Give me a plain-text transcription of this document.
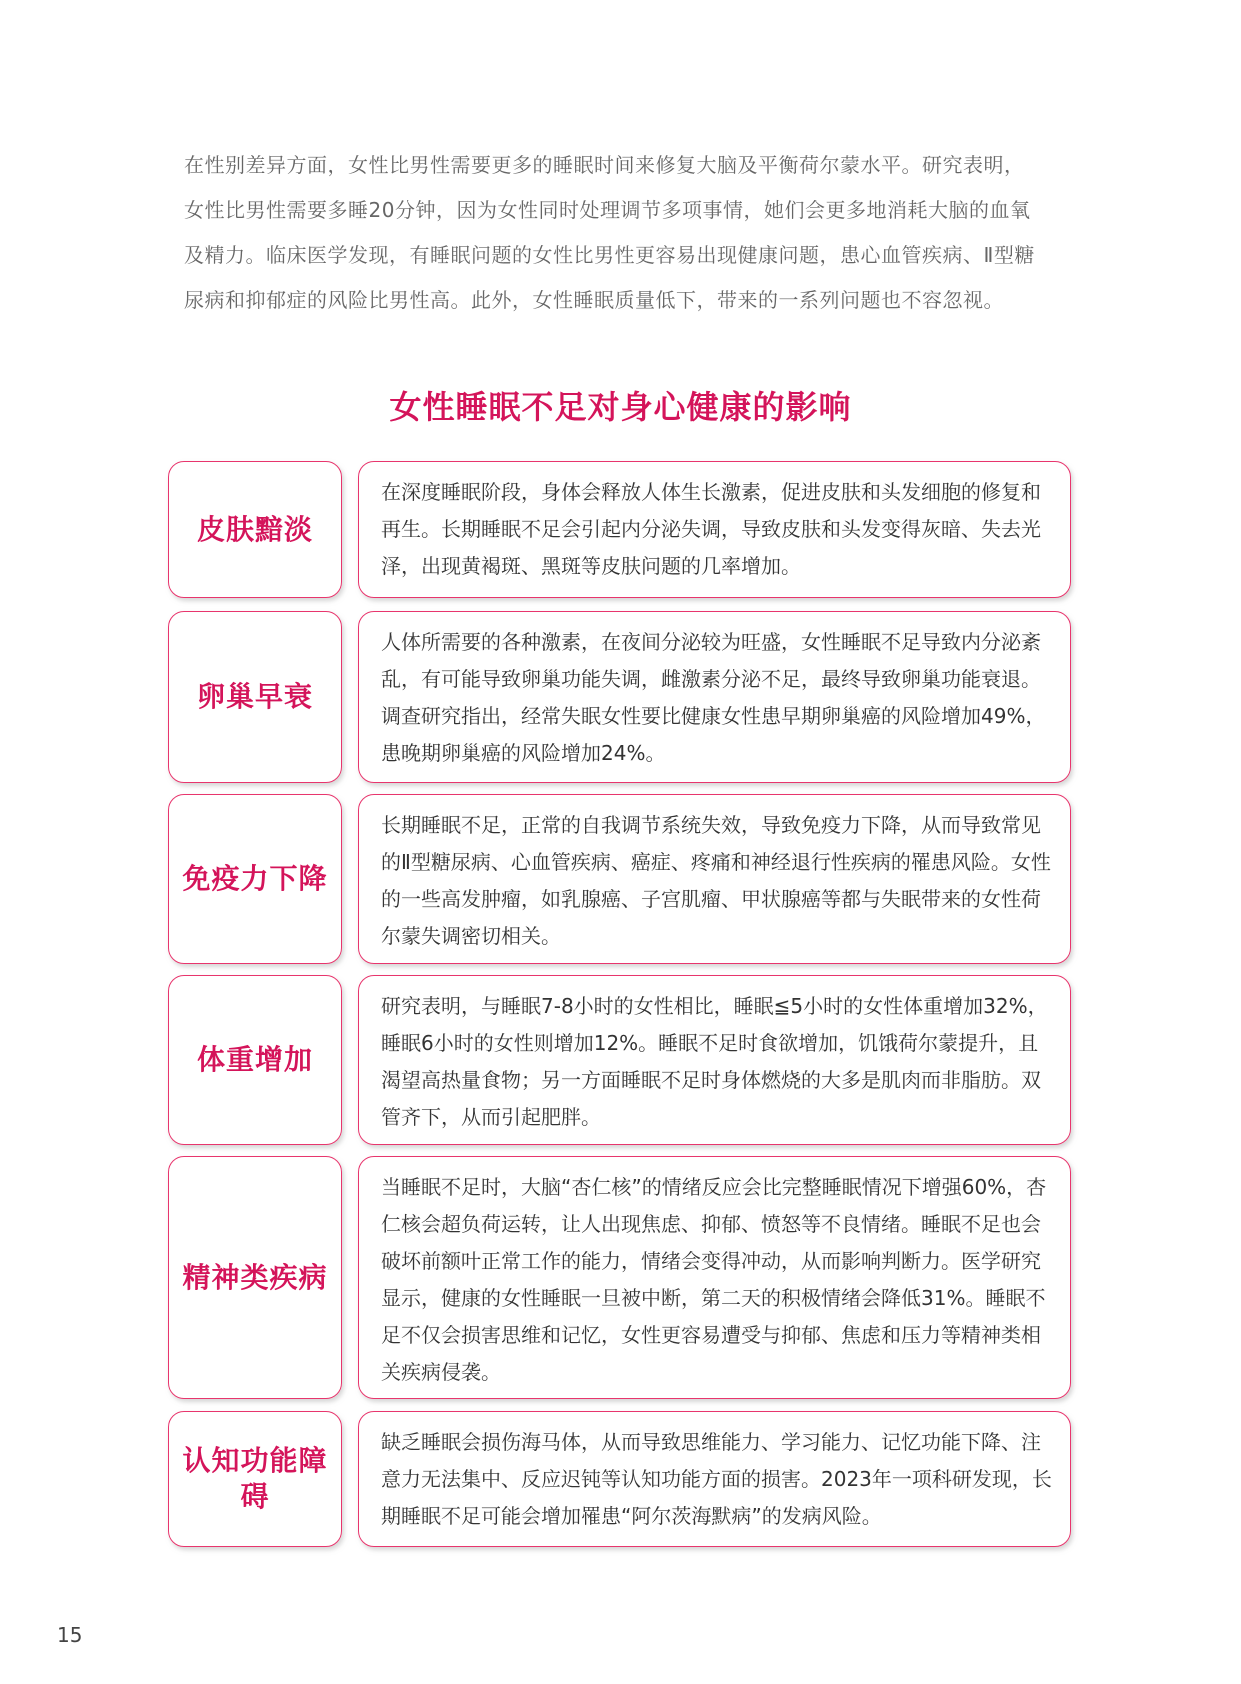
在性别差异方面，女性比男性需要更多的睡眠时间来修复大脑及平衡荷尔蒙水平。研究表明，女性比男性需要多睡20分钟，因为女性同时处理调节多项事情，她们会更多地消耗大脑的血氧及精力。临床医学发现，有睡眠问题的女性比男性更容易出现健康问题，患心血管疾病、Ⅱ型糖尿病和抑郁症的风险比男性高。此外，女性睡眠质量低下，带来的一系列问题也不容忽视。

女性睡眠不足对身心健康的影响
皮肤黯淡

在深度睡眠阶段，身体会释放人体生长激素，促进皮肤和头发细胞的修复和再生。长期睡眠不足会引起内分泌失调，导致皮肤和头发变得灰暗、失去光泽，出现黄褐斑、黑斑等皮肤问题的几率增加。

卵巢早衰

人体所需要的各种激素，在夜间分泌较为旺盛，女性睡眠不足导致内分泌紊乱，有可能导致卵巢功能失调，雌激素分泌不足，最终导致卵巢功能衰退。调查研究指出，经常失眠女性要比健康女性患早期卵巢癌的风险增加49%，患晚期卵巢癌的风险增加24%。

免疫力下降

长期睡眠不足，正常的自我调节系统失效，导致免疫力下降，从而导致常见的Ⅱ型糖尿病、心血管疾病、癌症、疼痛和神经退行性疾病的罹患风险。女性的一些高发肿瘤，如乳腺癌、子宫肌瘤、甲状腺癌等都与失眠带来的女性荷尔蒙失调密切相关。

体重增加

研究表明，与睡眠7-8小时的女性相比，睡眠≦5小时的女性体重增加32%，睡眠6小时的女性则增加12%。睡眠不足时食欲增加，饥饿荷尔蒙提升，且渴望高热量食物；另一方面睡眠不足时身体燃烧的大多是肌肉而非脂肪。双管齐下，从而引起肥胖。

精神类疾病

当睡眠不足时，大脑“杏仁核”的情绪反应会比完整睡眠情况下增强60%，杏仁核会超负荷运转，让人出现焦虑、抑郁、愤怒等不良情绪。睡眠不足也会破坏前额叶正常工作的能力，情绪会变得冲动，从而影响判断力。医学研究显示，健康的女性睡眠一旦被中断，第二天的积极情绪会降低31%。睡眠不足不仅会损害思维和记忆，女性更容易遭受与抑郁、焦虑和压力等精神类相关疾病侵袭。

认知功能障碍

缺乏睡眠会损伤海马体，从而导致思维能力、学习能力、记忆功能下降、注意力无法集中、反应迟钝等认知功能方面的损害。2023年一项科研发现，长期睡眠不足可能会增加罹患“阿尔茨海默病”的发病风险。

15
